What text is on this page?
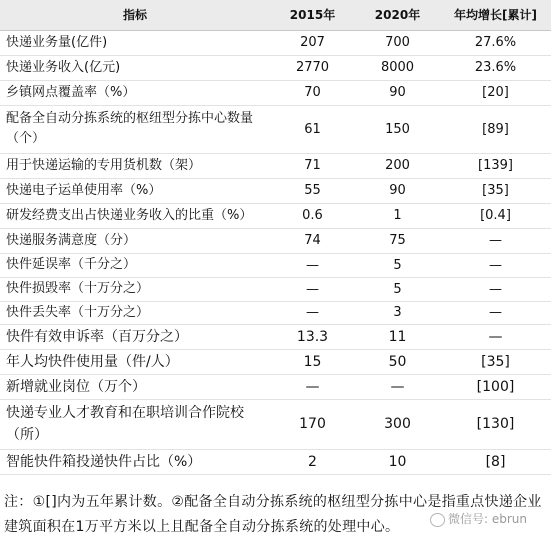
指标	2015年	2020年	年均增长[累计]
快递业务量(亿件)	207	700	27.6%
快递业务收入(亿元)	2770	8000	23.6%
乡镇网点覆盖率（%）	70	90	[20]
配备全自动分拣系统的枢纽型分拣中心数量（个）	61	150	[89]
用于快递运输的专用货机数（架）	71	200	[139]
快递电子运单使用率（%）	55	90	[35]
研发经费支出占快递业务收入的比重（%）	0.6	1	[0.4]
快递服务满意度（分）	74	75	—
快件延误率（千分之）	—	5	—
快件损毁率（十万分之）	—	5	—
快件丢失率（十万分之）	—	3	—
快件有效申诉率（百万分之）	13.3	11	—
年人均快件使用量（件/人）	15	50	[35]
新增就业岗位（万个）	—	—	[100]
快递专业人才教育和在职培训合作院校（所）	170	300	[130]
智能快件箱投递快件占比（%）	2	10	[8]
注：①[]内为五年累计数。②配备全自动分拣系统的枢纽型分拣中心是指重点快递企业建筑面积在1万平方米以上且配备全自动分拣系统的处理中心。	微信号: ebrun
